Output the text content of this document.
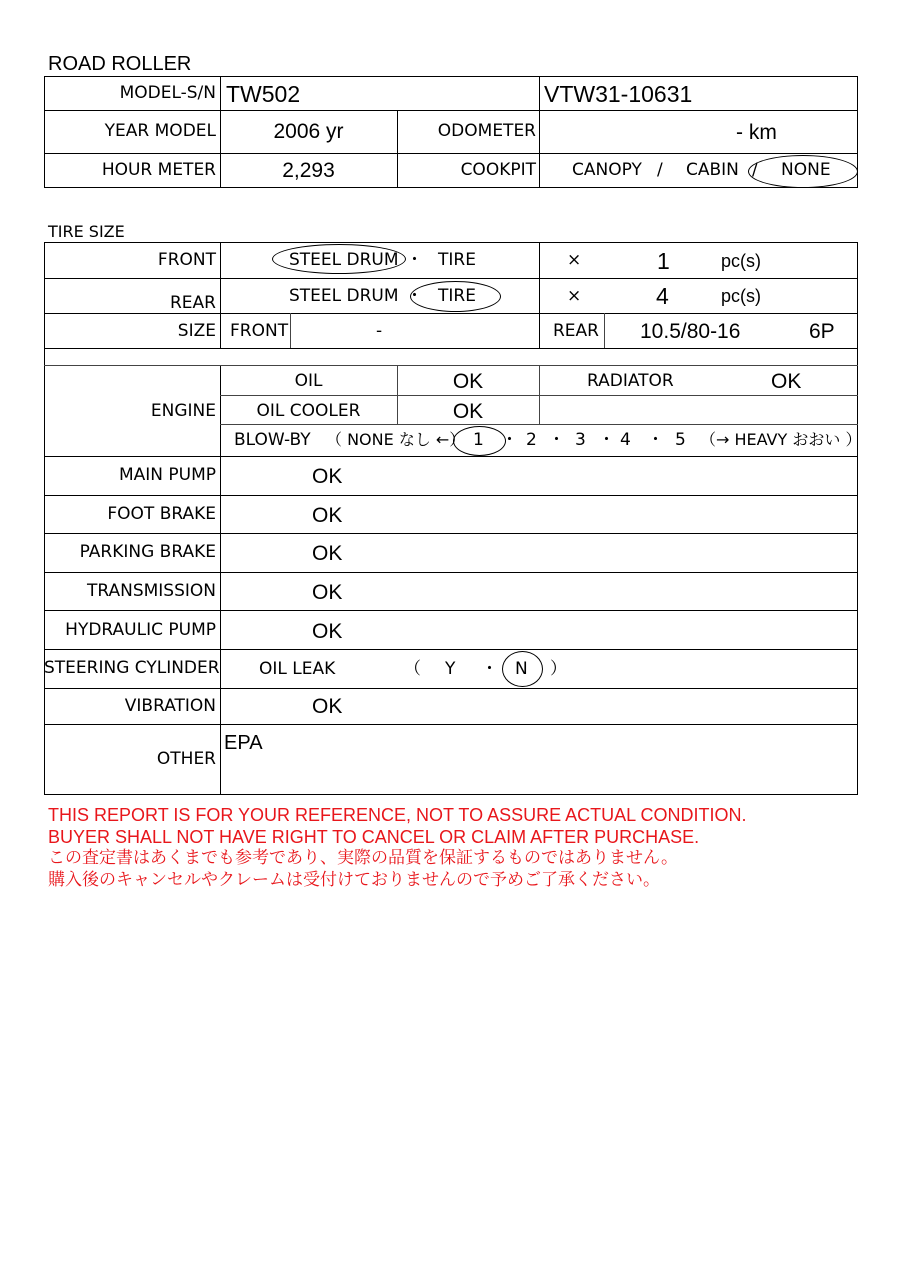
ROAD ROLLER
MODEL-S/N TW502	VTW31-10631
YEAR MODEL	2006 yr	ODOMETER	- km
HOUR METER	2,293	COOKPIT CANOPY / CABIN / NONE
TIRE SIZE
FRONT	STEEL DRUM ・ TIRE	×	1	pc(s)
REAR	STEEL DRUM ・ TIRE	×	4	pc(s)
SIZE FRONT	-	REAR 10.5/80-16	6P
ENGINE
OIL	OK	RADIATOR	OK
OIL COOLER	OK
BLOW-BY （ NONE なし ←） 1 ・ 2 ・ 3 ・ 4 ・ 5 （→ HEAVY おおい ）
MAIN PUMP	OK
FOOT BRAKE	OK
PARKING BRAKE	OK
TRANSMISSION	OK
HYDRAULIC PUMP	OK
STEERING CYLINDER OIL LEAK	（ Y ・ N ）
VIBRATION	OK
OTHER
EPA
THIS REPORT IS FOR YOUR REFERENCE, NOT TO ASSURE ACTUAL CONDITION.
BUYER SHALL NOT HAVE RIGHT TO CANCEL OR CLAIM AFTER PURCHASE.
この査定書はあくまでも参考であり、実際の品質を保証するものではありません。
購入後のキャンセルやクレームは受付けておりませんので予めご了承ください。
